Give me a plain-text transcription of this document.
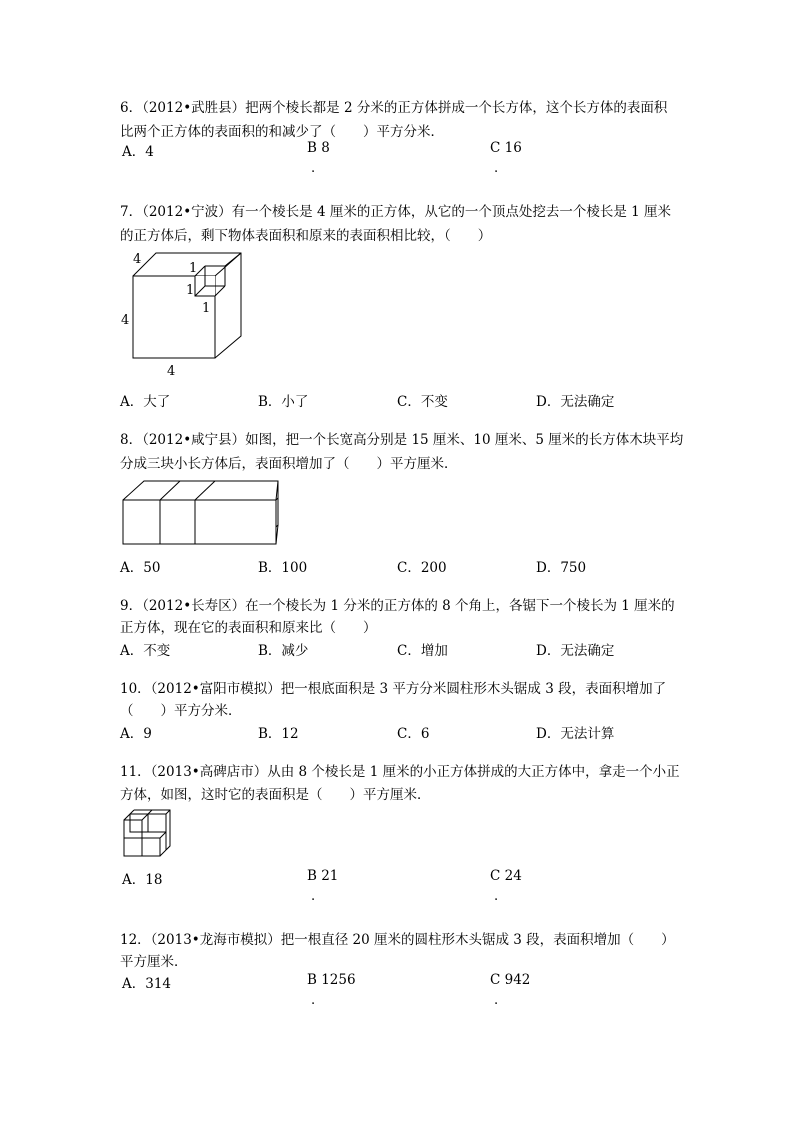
6．（2012•武胜县）把两个棱长都是 2 分米的正方体拼成一个长方体，这个长方体的表面积
比两个正方体的表面积的和减少了（　　）平方分米．
A．4	B 8
.
C 16
.
7．（2012•宁波）有一个棱长是 4 厘米的正方体，从它的一个顶点处挖去一个棱长是 1 厘米
的正方体后，剩下物体表面积和原来的表面积相比较，（　　）
4
1
1
1
4
4
A．大了	B．小了	C．不变	D．无法确定
8．（2012•咸宁县）如图，把一个长宽高分别是 15 厘米、10 厘米、5 厘米的长方体木块平均
分成三块小长方体后，表面积增加了（　　）平方厘米．
A．50	B．100	C．200	D．750
9．（2012•长寿区）在一个棱长为 1 分米的正方体的 8 个角上，各锯下一个棱长为 1 厘米的
正方体，现在它的表面积和原来比（　　）
A．不变	B．减少	C．增加	D．无法确定
10．（2012•富阳市模拟）把一根底面积是 3 平方分米圆柱形木头锯成 3 段，表面积增加了
（　　）平方分米．
A．9	B．12	C．6	D．无法计算
11．（2013•高碑店市）从由 8 个棱长是 1 厘米的小正方体拼成的大正方体中，拿走一个小正
方体，如图，这时它的表面积是（　　）平方厘米．
A．18	B 21
.
C 24
.
12．（2013•龙海市模拟）把一根直径 20 厘米的圆柱形木头锯成 3 段，表面积增加（　　）
平方厘米．
A．314	B 1256
.
C 942
.
